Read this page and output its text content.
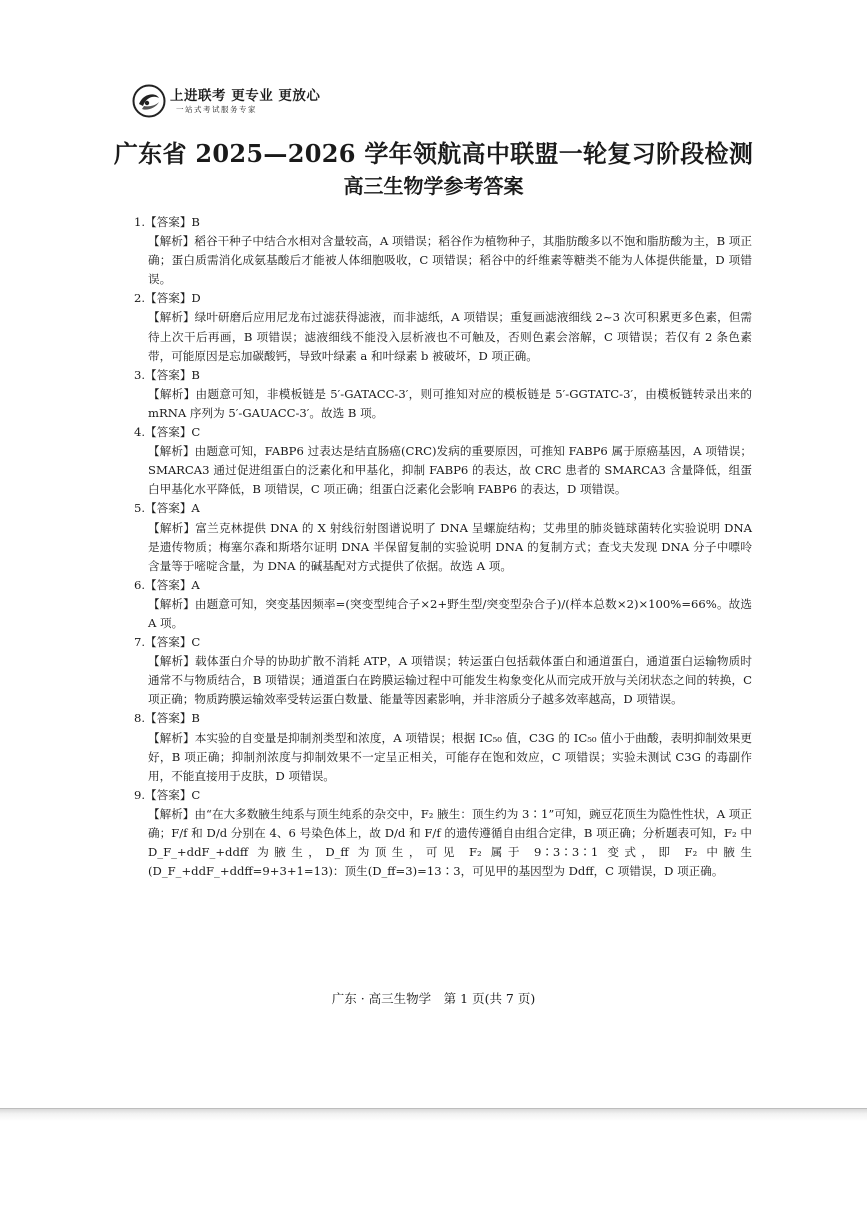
上进联考 更专业 更放心
一站式考试服务专家
广东省 2025—2026 学年领航高中联盟一轮复习阶段检测
高三生物学参考答案
1.【答案】B
【解析】稻谷干种子中结合水相对含量较高，A 项错误；稻谷作为植物种子，其脂肪酸多以不饱和脂肪酸为主，B 项正确；蛋白质需消化成氨基酸后才能被人体细胞吸收，C 项错误；稻谷中的纤维素等糖类不能为人体提供能量，D 项错误。
2.【答案】D
【解析】绿叶研磨后应用尼龙布过滤获得滤液，而非滤纸，A 项错误；重复画滤液细线 2~3 次可积累更多色素，但需待上次干后再画，B 项错误；滤液细线不能没入层析液也不可触及，否则色素会溶解，C 项错误；若仅有 2 条色素带，可能原因是忘加碳酸钙，导致叶绿素 a 和叶绿素 b 被破坏，D 项正确。
3.【答案】B
【解析】由题意可知，非模板链是 5′-GATACC-3′，则可推知对应的模板链是 5′-GGTATC-3′，由模板链转录出来的 mRNA 序列为 5′-GAUACC-3′。故选 B 项。
4.【答案】C
【解析】由题意可知，FABP6 过表达是结直肠癌(CRC)发病的重要原因，可推知 FABP6 属于原癌基因，A 项错误；SMARCA3 通过促进组蛋白的泛素化和甲基化，抑制 FABP6 的表达，故 CRC 患者的 SMARCA3 含量降低，组蛋白甲基化水平降低，B 项错误，C 项正确；组蛋白泛素化会影响 FABP6 的表达，D 项错误。
5.【答案】A
【解析】富兰克林提供 DNA 的 X 射线衍射图谱说明了 DNA 呈螺旋结构；艾弗里的肺炎链球菌转化实验说明 DNA 是遗传物质；梅塞尔森和斯塔尔证明 DNA 半保留复制的实验说明 DNA 的复制方式；查戈夫发现 DNA 分子中嘌呤含量等于嘧啶含量，为 DNA 的碱基配对方式提供了依据。故选 A 项。
6.【答案】A
【解析】由题意可知，突变基因频率=(突变型纯合子×2+野生型/突变型杂合子)/(样本总数×2)×100%=66%。故选 A 项。
7.【答案】C
【解析】载体蛋白介导的协助扩散不消耗 ATP，A 项错误；转运蛋白包括载体蛋白和通道蛋白，通道蛋白运输物质时通常不与物质结合，B 项错误；通道蛋白在跨膜运输过程中可能发生构象变化从而完成开放与关闭状态之间的转换，C 项正确；物质跨膜运输效率受转运蛋白数量、能量等因素影响，并非溶质分子越多效率越高，D 项错误。
8.【答案】B
【解析】本实验的自变量是抑制剂类型和浓度，A 项错误；根据 IC₅₀ 值，C3G 的 IC₅₀ 值小于曲酸，表明抑制效果更好，B 项正确；抑制剂浓度与抑制效果不一定呈正相关，可能存在饱和效应，C 项错误；实验未测试 C3G 的毒副作用，不能直接用于皮肤，D 项错误。
9.【答案】C
【解析】由“在大多数腋生纯系与顶生纯系的杂交中，F₂ 腋生：顶生约为 3∶1”可知，豌豆花顶生为隐性性状，A 项正确；F/f 和 D/d 分别在 4、6 号染色体上，故 D/d 和 F/f 的遗传遵循自由组合定律，B 项正确；分析题表可知，F₂ 中 D_F_+ddF_+ddff 为腋生，D_ff 为顶生，可见 F₂ 属于 9∶3∶3∶1 变式，即 F₂ 中腋生(D_F_+ddF_+ddff=9+3+1=13)：顶生(D_ff=3)=13∶3，可见甲的基因型为 Ddff，C 项错误，D 项正确。
广东 · 高三生物学　第 1 页(共 7 页)
